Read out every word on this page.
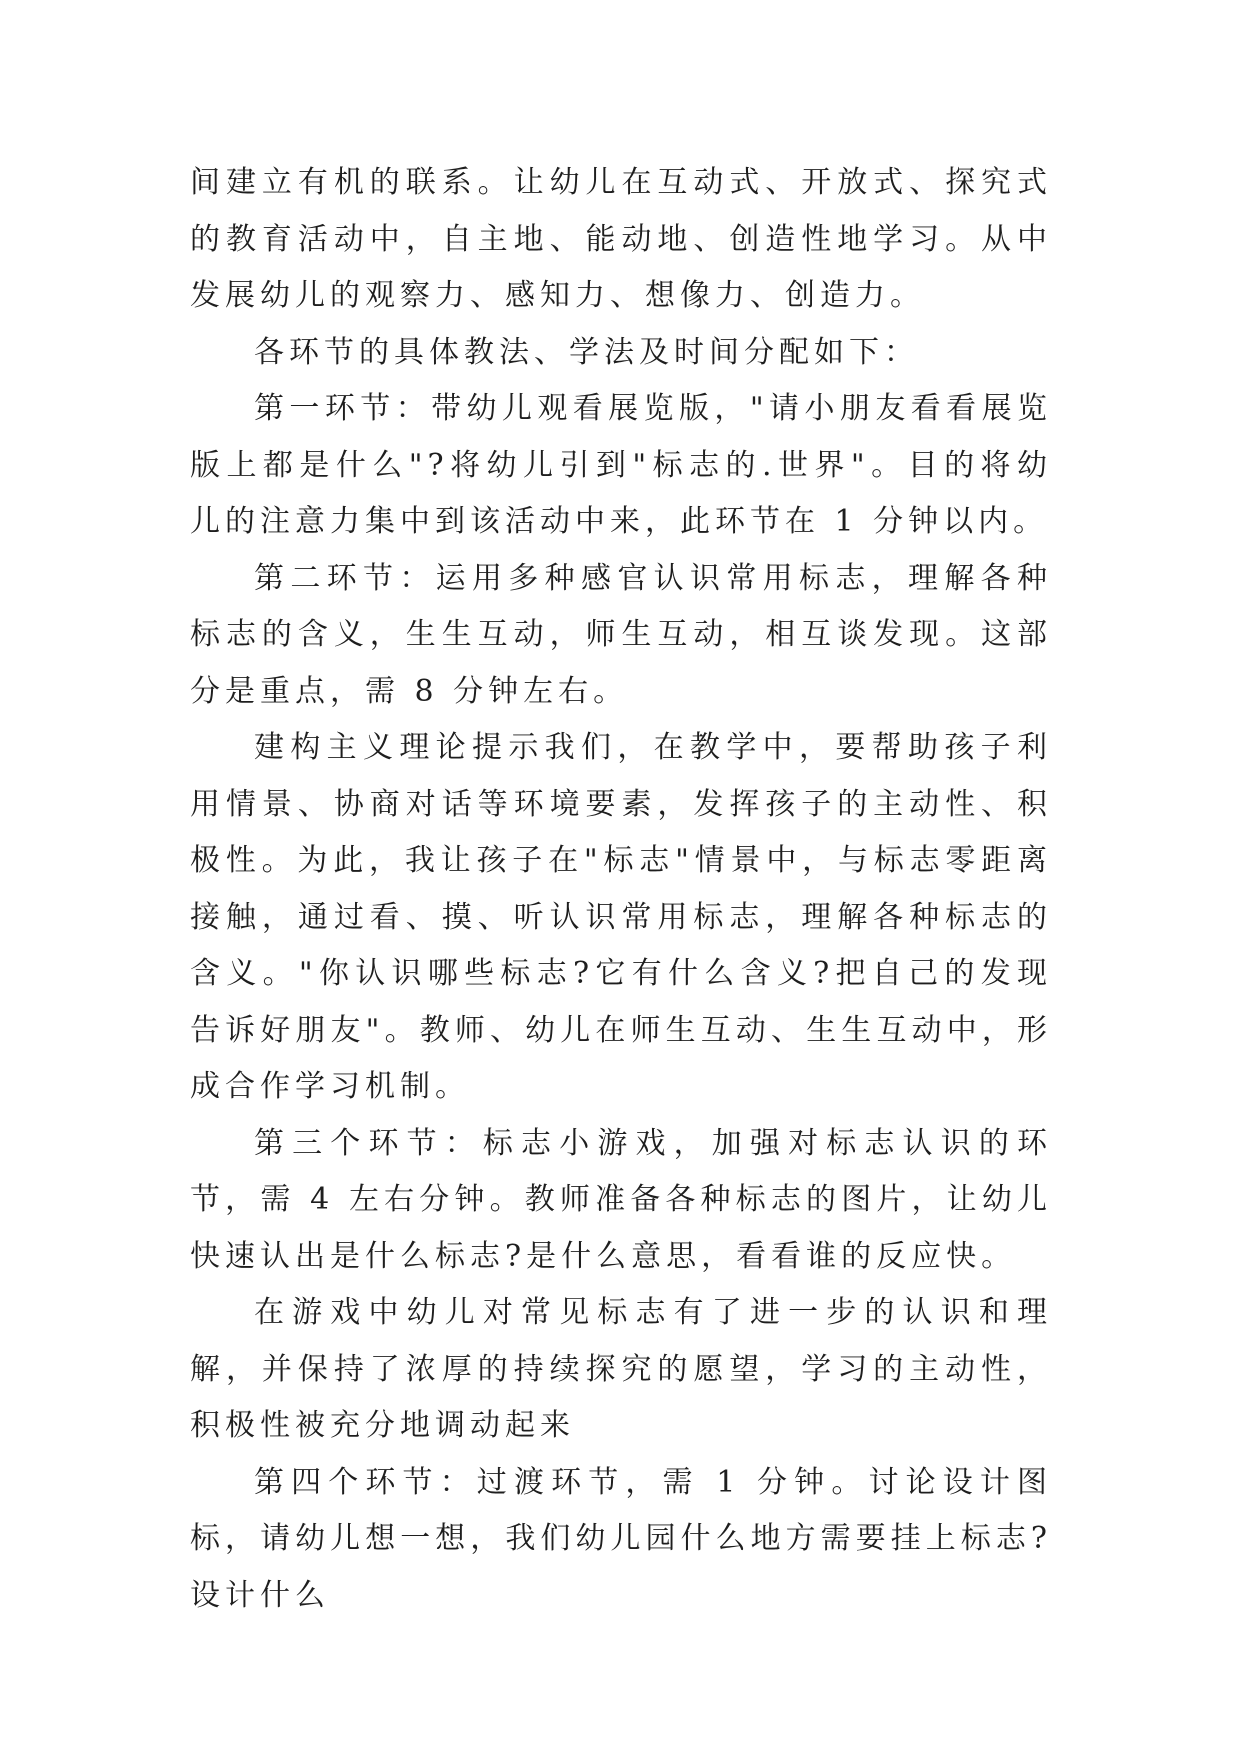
间建立有机的联系。让幼儿在互动式、开放式、探究式的教育活动中，自主地、能动地、创造性地学习。从中发展幼儿的观察力、感知力、想像力、创造力。

各环节的具体教法、学法及时间分配如下：

第一环节：带幼儿观看展览版，"请小朋友看看展览版上都是什么"?将幼儿引到"标志的.世界"。目的将幼儿的注意力集中到该活动中来，此环节在 1 分钟以内。

第二环节：运用多种感官认识常用标志，理解各种标志的含义，生生互动，师生互动，相互谈发现。这部分是重点，需 8 分钟左右。

建构主义理论提示我们，在教学中，要帮助孩子利用情景、协商对话等环境要素，发挥孩子的主动性、积极性。为此，我让孩子在"标志"情景中，与标志零距离接触，通过看、摸、听认识常用标志，理解各种标志的含义。"你认识哪些标志?它有什么含义?把自己的发现告诉好朋友"。教师、幼儿在师生互动、生生互动中，形成合作学习机制。

第三个环节：标志小游戏，加强对标志认识的环节，需 4 左右分钟。教师准备各种标志的图片，让幼儿快速认出是什么标志?是什么意思，看看谁的反应快。

在游戏中幼儿对常见标志有了进一步的认识和理解，并保持了浓厚的持续探究的愿望，学习的主动性，积极性被充分地调动起来

第四个环节：过渡环节，需 1 分钟。讨论设计图标，请幼儿想一想，我们幼儿园什么地方需要挂上标志?设计什么
